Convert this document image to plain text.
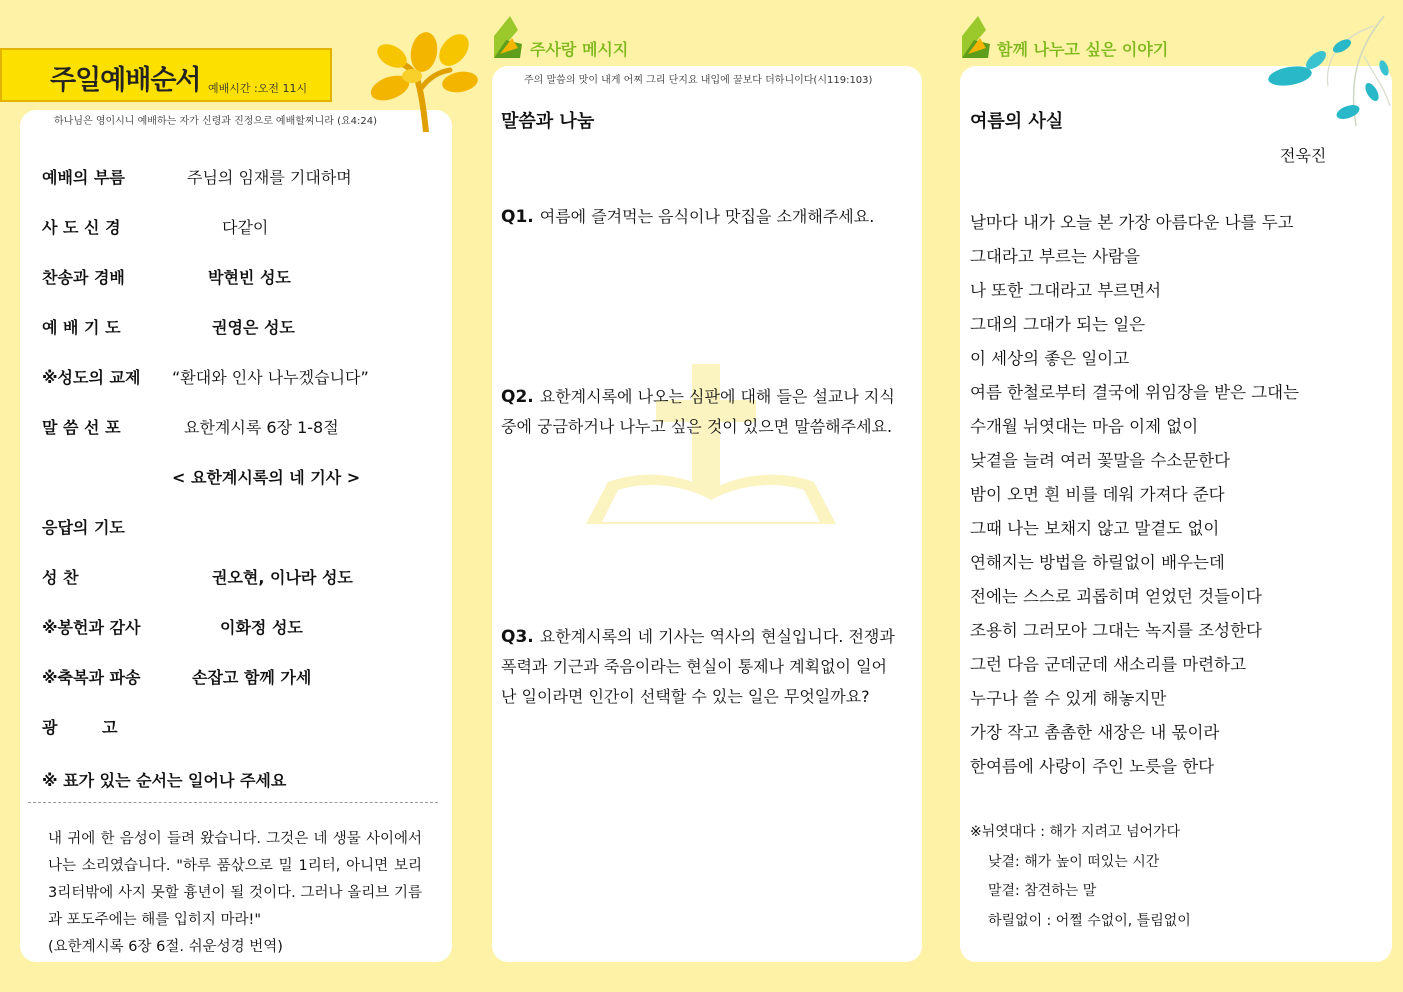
주일예배순서 예배시간 :오전 11시
하나님은 영이시니 예배하는 자가 신령과 진정으로 예배할찌니라 (요4:24)
예배의 부름	주님의 임재를 기대하며
사 도 신 경	다같이
찬송과 경배	박현빈 성도
예 배 기 도	권영은 성도
※성도의 교제 “환대와 인사 나누겠습니다”
말 씀 선 포	요한계시록 6장 1-8절
< 요한계시록의 네 기사 >
응답의 기도
성 찬	권오현, 이나라 성도
※봉헌과 감사	이화정 성도
※축복과 파송	손잡고 함께 가세
광        고
※ 표가 있는 순서는 일어나 주세요
내 귀에 한 음성이 들려 왔습니다. 그것은 네 생물 사이에서 나는 소리였습니다. "하루 품삯으로 밀 1리터, 아니면 보리 3리터밖에 사지 못할 흉년이 될 것이다. 그러나 올리브 기름과 포도주에는 해를 입히지 마라!"
(요한계시록 6장 6절. 쉬운성경 번역)
주사랑 메시지
주의 말씀의 맛이 내게 어찌 그리 단지요 내입에 꿀보다 더하니이다(시119:103)
말씀과 나눔
Q1. 여름에 즐겨먹는 음식이나 맛집을 소개해주세요.
Q2. 요한계시록에 나오는 심판에 대해 들은 설교나 지식 중에 궁금하거나 나누고 싶은 것이 있으면 말씀해주세요.
Q3. 요한계시록의 네 기사는 역사의 현실입니다. 전쟁과 폭력과 기근과 죽음이라는 현실이 통제나 계획없이 일어난 일이라면 인간이 선택할 수 있는 일은 무엇일까요?
함께 나누고 싶은 이야기
여름의 사실
전욱진
날마다 내가 오늘 본 가장 아름다운 나를 두고
그대라고 부르는 사람을
나 또한 그대라고 부르면서
그대의 그대가 되는 일은
이 세상의 좋은 일이고
여름 한철로부터 결국에 위임장을 받은 그대는
수개월 뉘엿대는 마음 이제 없이
낮곁을 늘려 여러 꽃말을 수소문한다
밤이 오면 흰 비를 데워 가져다 준다
그때 나는 보채지 않고 말곁도 없이
연해지는 방법을 하릴없이 배우는데
전에는 스스로 괴롭히며 얻었던 것들이다
조용히 그러모아 그대는 녹지를 조성한다
그런 다음 군데군데 새소리를 마련하고
누구나 쓸 수 있게 해놓지만
가장 작고 촘촘한 새장은 내 몫이라
한여름에 사랑이 주인 노릇을 한다
※뉘엿대다 : 해가 지려고 넘어가다
낮곁: 해가 높이 떠있는 시간
말곁: 참견하는 말
하릴없이 : 어쩔 수없이, 틀림없이
